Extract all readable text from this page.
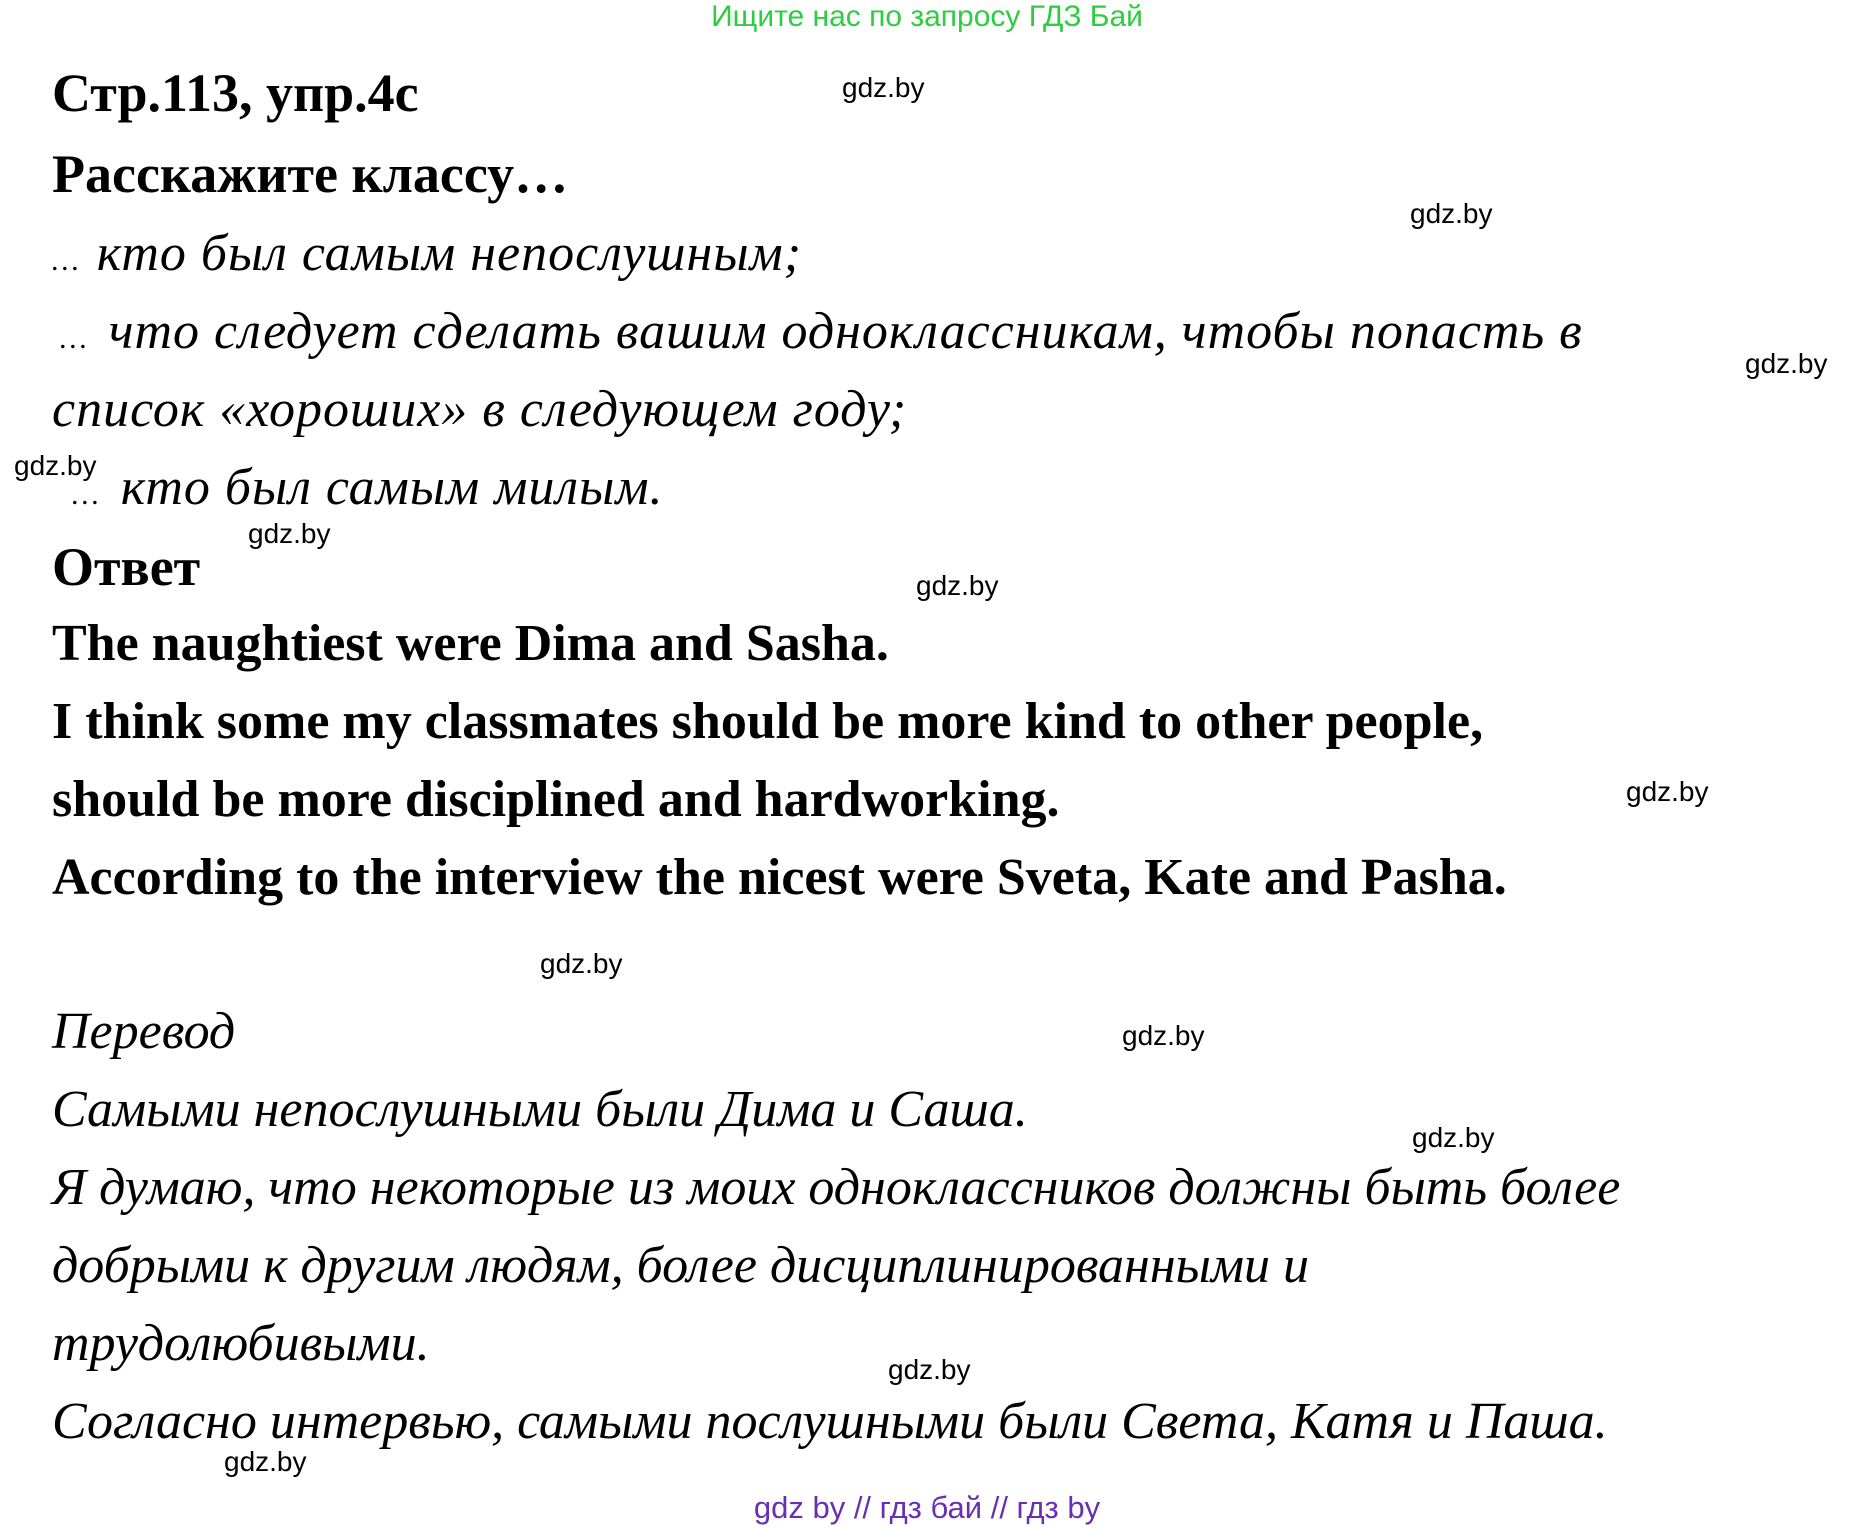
Ищите нас по запросу ГДЗ Бай
Стр.113, упр.4с
Расскажите классу…
… кто был самым непослушным;
… что следует сделать вашим одноклассникам, чтобы попасть в
список «хороших» в следующем году;
… кто был самым милым.
Ответ
The naughtiest were Dima and Sasha.
I think some my classmates should be more kind to other people,
should be more disciplined and hardworking.
According to the interview the nicest were Sveta, Kate and Pasha.
Перевод
Самыми непослушными были Дима и Саша.
Я думаю, что некоторые из моих одноклассников должны быть более
добрыми к другим людям, более дисциплинированными и
трудолюбивыми.
Согласно интервью, самыми послушными были Света, Катя и Паша.
gdz.by
gdz.by
gdz.by
gdz.by
gdz.by
gdz.by
gdz.by
gdz.by
gdz.by
gdz.by
gdz.by
gdz.by
gdz by // гдз бай // гдз by
